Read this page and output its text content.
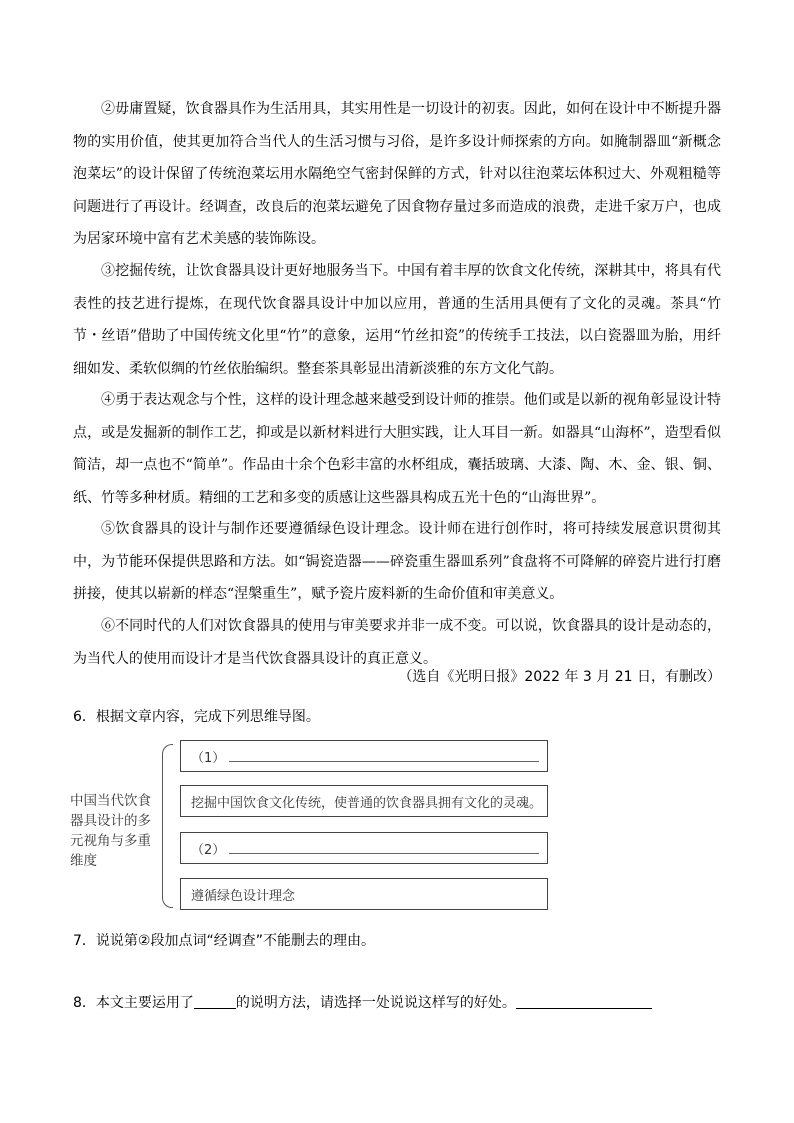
②毋庸置疑，饮食器具作为生活用具，其实用性是一切设计的初衷。因此，如何在设计中不断提升器物的实用价值，使其更加符合当代人的生活习惯与习俗，是许多设计师探索的方向。如腌制器皿“新概念泡菜坛”的设计保留了传统泡菜坛用水隔绝空气密封保鲜的方式，针对以往泡菜坛体积过大、外观粗糙等问题进行了再设计。经调查，改良后的泡菜坛避免了因食物存量过多而造成的浪费，走进千家万户，也成为居家环境中富有艺术美感的装饰陈设。

③挖掘传统，让饮食器具设计更好地服务当下。中国有着丰厚的饮食文化传统，深耕其中，将具有代表性的技艺进行提炼，在现代饮食器具设计中加以应用，普通的生活用具便有了文化的灵魂。茶具“竹节・丝语”借助了中国传统文化里“竹”的意象，运用“竹丝扣瓷”的传统手工技法，以白瓷器皿为胎，用纤细如发、柔软似绸的竹丝依胎编织。整套茶具彰显出清新淡雅的东方文化气韵。

④勇于表达观念与个性，这样的设计理念越来越受到设计师的推崇。他们或是以新的视角彰显设计特点，或是发掘新的制作工艺，抑或是以新材料进行大胆实践，让人耳目一新。如器具“山海杯”，造型看似简洁，却一点也不“简单”。作品由十余个色彩丰富的水杯组成，囊括玻璃、大漆、陶、木、金、银、铜、纸、竹等多种材质。精细的工艺和多变的质感让这些器具构成五光十色的“山海世界”。

⑤饮食器具的设计与制作还要遵循绿色设计理念。设计师在进行创作时，将可持续发展意识贯彻其中，为节能环保提供思路和方法。如“锔瓷造器——碎瓷重生器皿系列”食盘将不可降解的碎瓷片进行打磨拼接，使其以崭新的样态“涅槃重生”，赋予瓷片废料新的生命价值和审美意义。

⑥不同时代的人们对饮食器具的使用与审美要求并非一成不变。可以说，饮食器具的设计是动态的，为当代人的使用而设计才是当代饮食器具设计的真正意义。

（选自《光明日报》2022 年 3 月 21 日，有删改）
6．根据文章内容，完成下列思维导图。
中国当代饮食器具设计的多元视角与多重维度
（1）
挖掘中国饮食文化传统，使普通的饮食器具拥有文化的灵魂。
（2）
遵循绿色设计理念
7．说说第②段加点词“经调查”不能删去的理由。
8．本文主要运用了	的说明方法，请选择一处说说这样写的好处。
